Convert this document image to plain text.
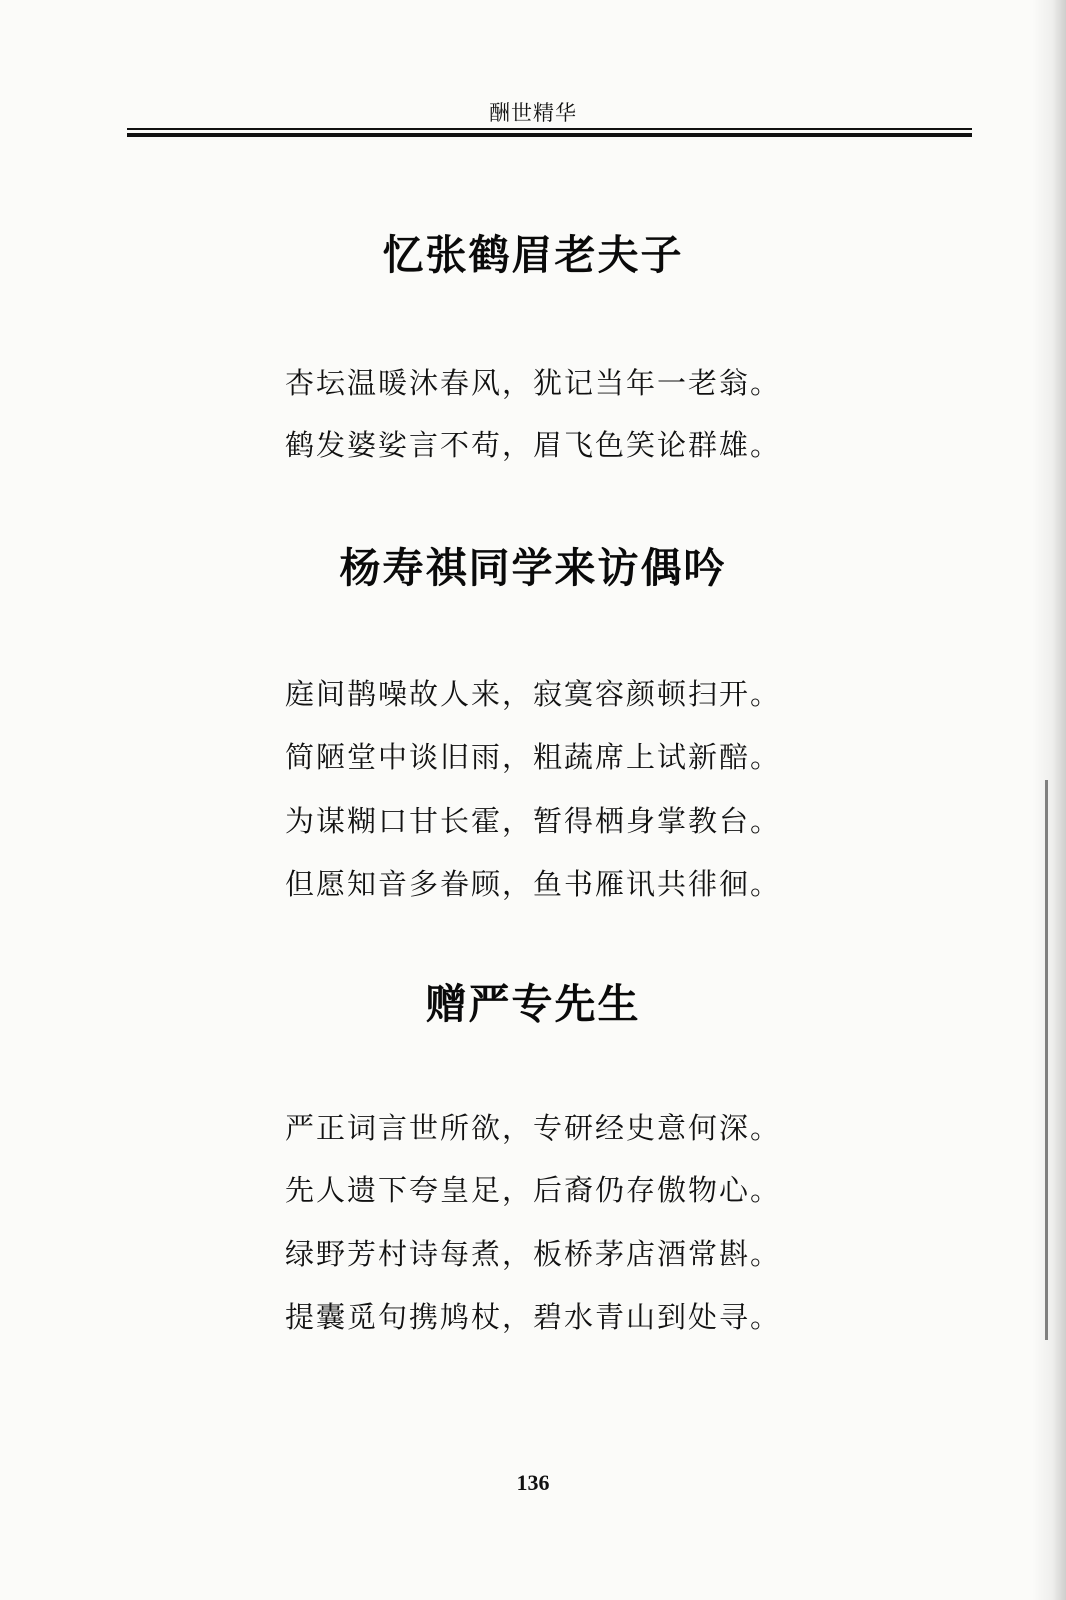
酬世精华
忆张鹤眉老夫子
杏坛温暖沐春风，犹记当年一老翁。
鹤发婆娑言不苟，眉飞色笑论群雄。
杨寿祺同学来访偶吟
庭间鹊噪故人来，寂寞容颜顿扫开。
简陋堂中谈旧雨，粗蔬席上试新醅。
为谋糊口甘长霍，暂得栖身掌教台。
但愿知音多眷顾，鱼书雁讯共徘徊。
赠严专先生
严正词言世所欲，专研经史意何深。
先人遗下夸皇足，后裔仍存傲物心。
绿野芳村诗每煮，板桥茅店酒常斟。
提囊觅句携鸠杖，碧水青山到处寻。
136
